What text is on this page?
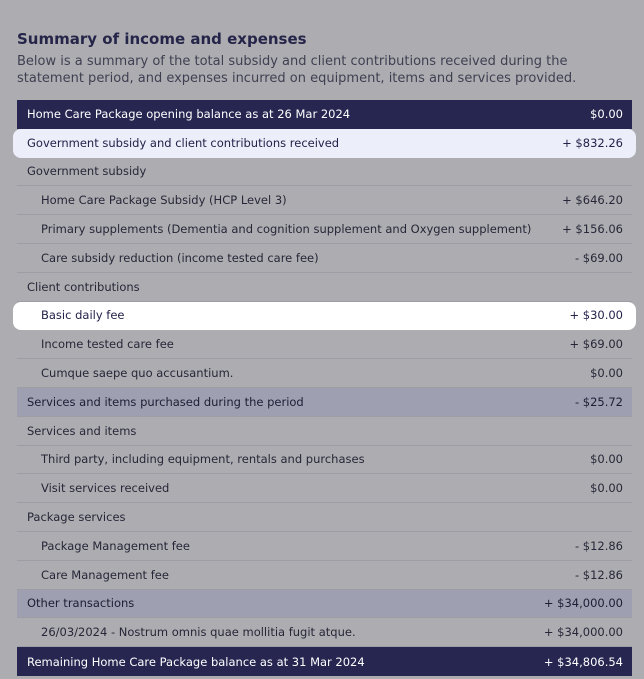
Summary of income and expenses

Below is a summary of the total subsidy and client contributions received during the statement period, and expenses incurred on equipment, items and services provided.

Home Care Package opening balance as at 26 Mar 2024	$0.00
Government subsidy and client contributions received	+ $832.26
Government subsidy
Home Care Package Subsidy (HCP Level 3)	+ $646.20
Primary supplements (Dementia and cognition supplement and Oxygen supplement)	+ $156.06
Care subsidy reduction (income tested care fee)	- $69.00
Client contributions
Basic daily fee	+ $30.00
Income tested care fee	+ $69.00
Cumque saepe quo accusantium.	$0.00
Services and items purchased during the period	- $25.72
Services and items
Third party, including equipment, rentals and purchases	$0.00
Visit services received	$0.00
Package services
Package Management fee	- $12.86
Care Management fee	- $12.86
Other transactions	+ $34,000.00
26/03/2024 - Nostrum omnis quae mollitia fugit atque.	+ $34,000.00
Remaining Home Care Package balance as at 31 Mar 2024	+ $34,806.54
